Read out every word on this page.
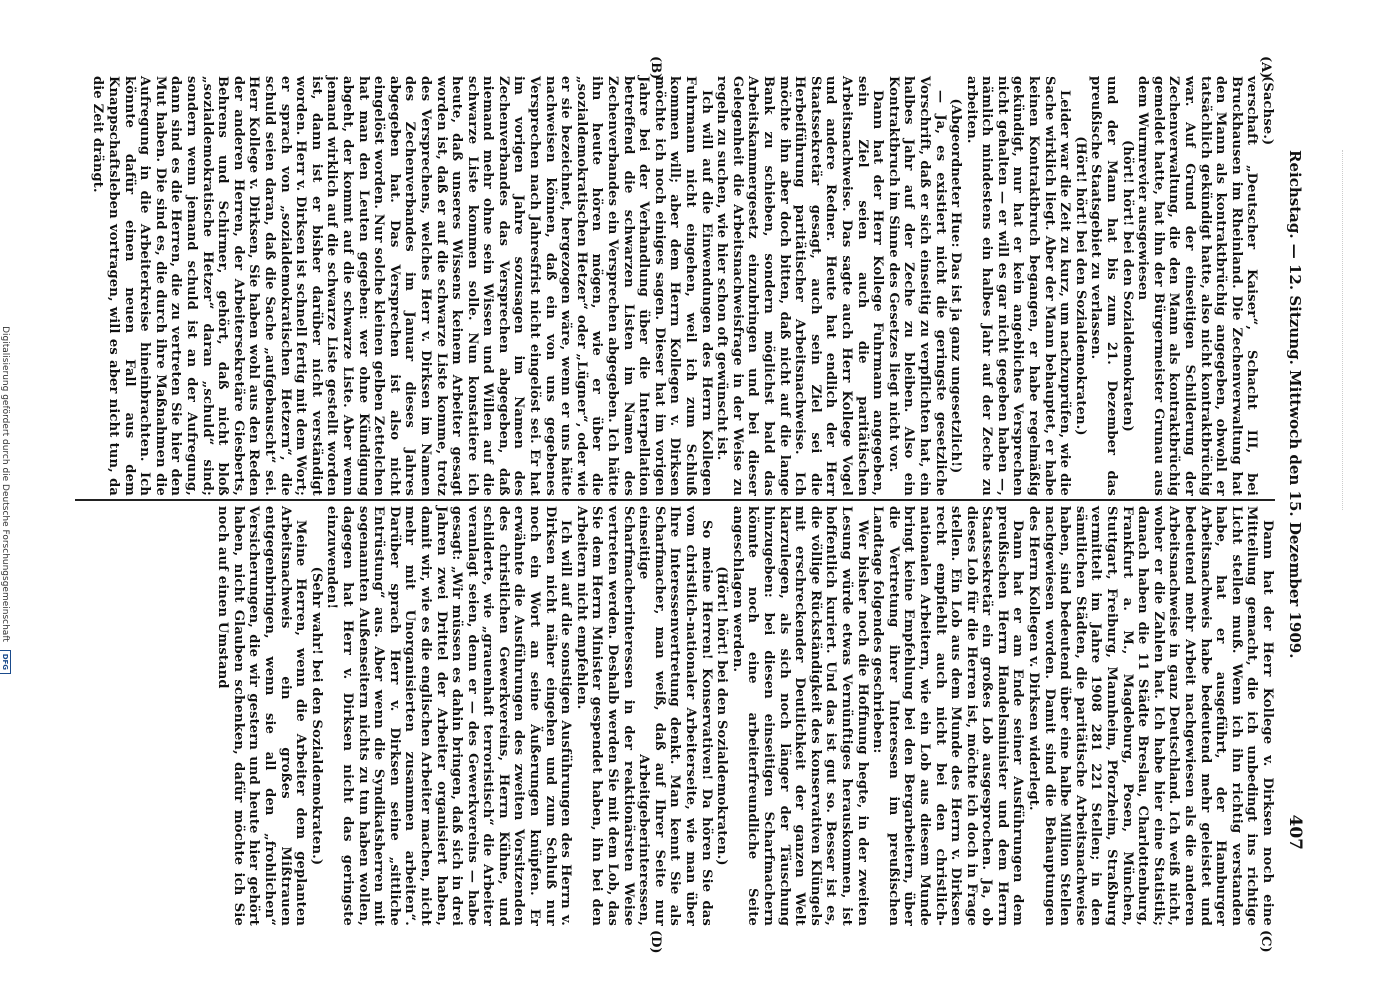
Reichstag. — 12. Sitzung. Mittwoch den 15. Dezember 1909.
407
(A)
(B)
(C)
(D)

(Sachse.)

verschaft „Deutscher Kaiser“, Schacht III, bei Bruckhausen im Rheinland. Die Zechenverwaltung hat den Mann als kontraktbrüchig angegeben, obwohl er tatsächlich gekündigt hatte, also nicht kontraktbrüchig war. Auf Grund der einseitigen Schilderung der Zechenverwaltung, die den Mann als kontraktbrüchig gemeldet hatte, hat ihn der Bürgermeister Grunau aus dem Wurmrevier ausgewiesen

(hört! hört! bei den Sozialdemokraten)

und der Mann hat bis zum 21. Dezember das preußische Staatsgebiet zu verlassen.

(Hört! hört! bei den Sozialdemokraten.)

Leider war die Zeit zu kurz, um nachzuprüfen, wie die Sache wirklich liegt. Aber der Mann behauptet, er habe keinen Kontraktbruch begangen, er habe regelmäßig gekündigt, nur hat er kein angebliches Versprechen nicht gehalten — er will es gar nicht gegeben haben —, nämlich mindestens ein halbes Jahr auf der Zeche zu arbeiten.

(Abgeordneter Hue: Das ist ja ganz ungesetzlich!)

— Ja, es existiert nicht die geringste gesetzliche Vorschrift, daß er sich einseitig zu verpflichten hat, ein halbes Jahr auf der Zeche zu bleiben. Also ein Kontraktbruch im Sinne des Gesetzes liegt nicht vor.

Dann hat der Herr Kollege Fuhrmann angegeben, sein Ziel seien auch die paritätischen Arbeitsnachweise. Das sagte auch Herr Kollege Vogel und andere Redner. Heute hat endlich der Herr Staatssekretär gesagt, auch sein Ziel sei die Herbeiführung paritätischer Arbeitsnachweise. Ich möchte ihn aber doch bitten, daß nicht auf die lange Bank zu schieben, sondern möglichst bald das Arbeitskammergesetz einzubringen und bei dieser Gelegenheit die Arbeitsnachweisfrage in der Weise zu regeln zu suchen, wie hier schon oft gewünscht ist.

Ich will auf die Einwendungen des Herrn Kollegen Fuhrmann nicht eingehen, weil ich zum Schluß kommen will; aber dem Herrn Kollegen v. Dirksen möchte ich noch einiges sagen. Dieser hat im vorigen Jahre bei der Verhandlung über die Interpellation betreffend die schwarzen Listen im Namen des Zechenverbandes ein Versprechen abgegeben. Ich hätte ihn heute hören mögen, wie er über die „sozialdemokratischen Hetzer“ oder „Lügner“, oder wie er sie bezeichnet, hergezogen wäre, wenn er uns hätte nachweisen können, daß ein von uns gegebenes Versprechen nach Jahresfrist nicht eingelöst sei. Er hat im vorigen Jahre sozusagen im Namen des Zechenverbandes das Versprechen abgegeben, daß niemand mehr ohne sein Wissen und Willen auf die schwarze Liste kommen solle. Nun konstatiere ich heute, daß unseres Wissens keinem Arbeiter gesagt worden ist, daß er auf die schwarze Liste komme, trotz des Versprechens, welches Herr v. Dirksen im Namen des Zechenverbandes im Januar dieses Jahres abgegeben hat. Das Versprechen ist also nicht eingelöst worden. Nur solche kleinen gelben Zettelchen hat man den Leuten gegeben: wer ohne Kündigung abgeht, der kommt auf die schwarze Liste. Aber wenn jemand wirklich auf die schwarze Liste gestellt worden ist, dann ist er bisher darüber nicht verständigt worden. Herr v. Dirksen ist schnell fertig mit dem Wort; er sprach von „sozialdemokratischen Hetzern“, die schuld seien daran, daß die Sache „aufgebauscht“ sei. Herr Kollege v. Dirksen, Sie haben wohl aus den Reden der anderen Herren, der Arbeitersekretäre Giesberts, Behrens und Schirmer, gehört, daß nicht bloß „sozialdemokratische Hetzer“ daran „schuld“ sind; sondern wenn jemand schuld ist an der Aufregung, dann sind es die Herren, die zu vertreten Sie hier den Mut haben. Die sind es, die durch ihre Maßnahmen die Aufregung in die Arbeiterkreise hineinbrachten. Ich könnte dafür einen neuen Fall aus dem Knappschaftsleben vortragen, will es aber nicht tun, da die Zeit drängt.

Dann hat der Herr Kollege v. Dirksen noch eine Mitteilung gemacht, die ich unbedingt ins richtige Licht stellen muß. Wenn ich ihn richtig verstanden habe, hat er ausgeführt, der Hamburger Arbeitsnachweis habe bedeutend mehr geleistet und bedeutend mehr Arbeit nachgewiesen als die anderen Arbeitsnachweise in ganz Deutschland. Ich weiß nicht, woher er die Zahlen hat. Ich habe hier eine Statistik; danach haben die 11 Städte Breslau, Charlottenburg, Frankfurt a. M., Magdeburg, Posen, München, Stuttgart, Freiburg, Mannheim, Pforzheim, Straßburg vermittelt im Jahre 1908 281 221 Stellen; in den sämtlichen Städten, die paritätische Arbeitsnachweise haben, sind bedeutend über eine halbe Million Stellen nachgewiesen worden. Damit sind die Behauptungen des Herrn Kollegen v. Dirksen widerlegt.

Dann hat er am Ende seiner Ausführungen dem preußischen Herrn Handelsminister und dem Herrn Staatssekretär ein großes Lob ausgesprochen. Ja, ob dieses Lob für die Herren ist, möchte ich doch in Frage stellen. Ein Lob aus dem Munde des Herrn v. Dirksen recht empfiehlt auch nicht bei den christlich-nationalen Arbeitern, wie ein Lob aus diesem Munde bringt keine Empfehlung bei den Bergarbeitern, über die Vertretung ihrer Interessen im preußischen Landtage folgendes geschrieben:

Wer bisher noch die Hoffnung hegte, in der zweiten Lesung würde etwas Vernünftiges herauskommen, ist hoffentlich kuriert. Und das ist gut so. Besser ist es, die völlige Rückständigkeit des konservativen Klüngels mit erschreckender Deutlichkeit der ganzen Welt klarzulegen, als sich noch länger der Täuschung hinzugeben: bei diesen einseitigen Scharfmachern könnte noch eine arbeiterfreundliche Seite angeschlagen werden.

(Hört! hört! bei den Sozialdemokraten.)

So meine Herren! Konservativen! Da hören Sie das vom christlich-nationaler Arbeiterseite, wie man über Ihre Interessenvertretung denkt. Man kennt Sie als Scharfmacher, man weiß, daß auf Ihrer Seite nur einseitige Arbeitgeberinteressen, Scharfmacherinteressen in der reaktionärsten Weise vertreten werden. Deshalb werden Sie mit dem Lob, das Sie dem Herrn Minister gespendet haben, ihn bei den Arbeitern nicht empfehlen.

Ich will auf die sonstigen Ausführungen des Herrn v. Dirksen nicht näher eingehen und zum Schluß nur noch ein Wort an seine Äußerungen knüpfen. Er erwähnte die Ausführungen des zweiten Vorsitzenden des christlichen Gewerkvereins, Herrn Kühne, und schilderte, wie „grauenhaft terroristisch“ die Arbeiter veranlagt seien, denn er — des Gewerkvereins — habe gesagt: „Wir müssen es dahin bringen, daß sich in drei Jahren zwei Drittel der Arbeiter organisiert haben, damit wir, wie es die englischen Arbeiter machen, nicht mehr mit Unorganisierten zusammen arbeiten“. Darüber sprach Herr v. Dirksen seine „sittliche Entrüstung“ aus. Aber wenn die Syndikatsherren mit sogenannten Außenseitern nichts zu tun haben wollen, dagegen hat Herr v. Dirksen nicht das geringste einzuwenden!

(Sehr wahr! bei den Sozialdemokraten.)

Meine Herren, wenn die Arbeiter dem geplanten Arbeitsnachweis ein großes Mißtrauen entgegenbringen, wenn sie all den „frohlichen“ Versicherungen, die wir gestern und heute hier gehört haben, nicht Glauben schenken, dafür möchte ich Sie noch auf einen Umstand

Digitalisierung gefördert durch die Deutsche Forschungsgemeinschaft
DFG
